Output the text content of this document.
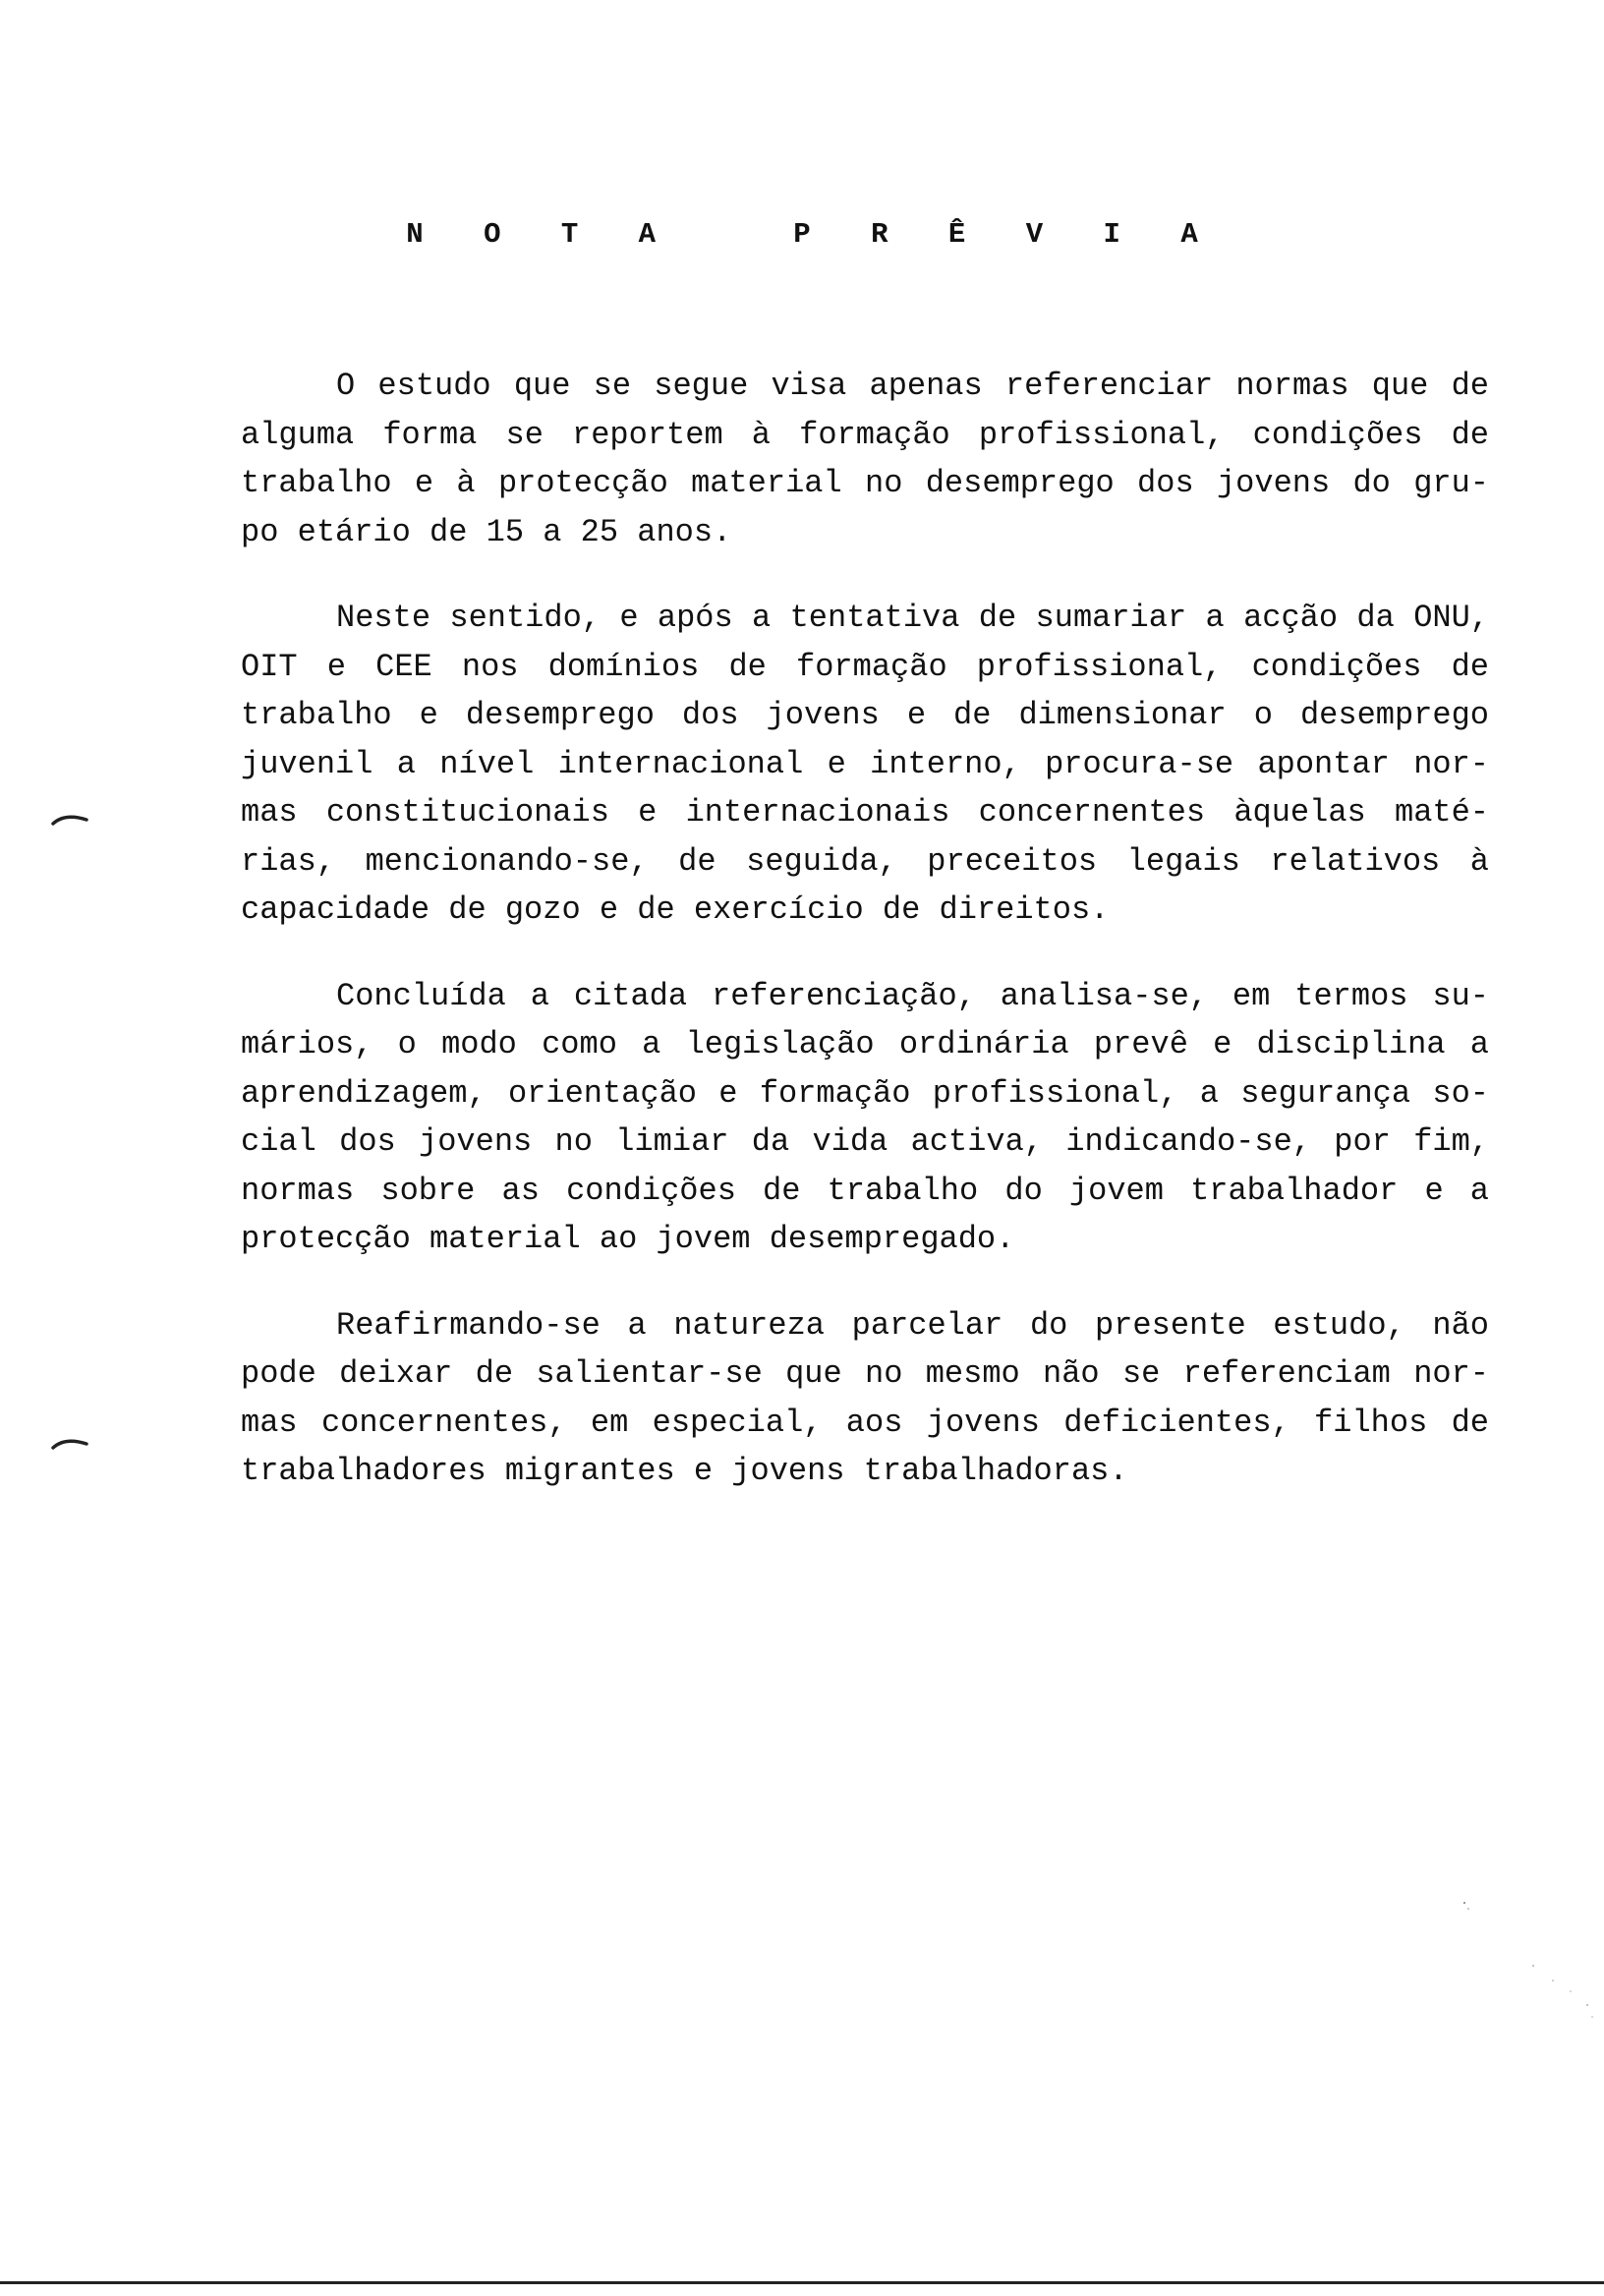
N O T A   P R Ê V I A
O estudo que se segue visa apenas referenciar normas que de
alguma forma se reportem à formação profissional, condições de
trabalho e à protecção material no desemprego dos jovens do gru-
po etário de 15 a 25 anos.
Neste sentido, e após a tentativa de sumariar a acção da ONU,
OIT e CEE nos domínios de formação profissional, condições de
trabalho e desemprego dos jovens e de dimensionar o desemprego
juvenil a nível internacional e interno, procura-se apontar nor-
mas constitucionais e internacionais concernentes àquelas maté-
rias, mencionando-se, de seguida, preceitos legais relativos à
capacidade de gozo e de exercício de direitos.
Concluída a citada referenciação, analisa-se, em termos su-
mários, o modo como a legislação ordinária prevê e disciplina a
aprendizagem, orientação e formação profissional, a segurança so-
cial dos jovens no limiar da vida activa, indicando-se, por fim,
normas sobre as condições de trabalho do jovem trabalhador e a
protecção material ao jovem desempregado.
Reafirmando-se a natureza parcelar do presente estudo, não
pode deixar de salientar-se que no mesmo não se referenciam nor-
mas concernentes, em especial, aos jovens deficientes, filhos de
trabalhadores migrantes e jovens trabalhadoras.
